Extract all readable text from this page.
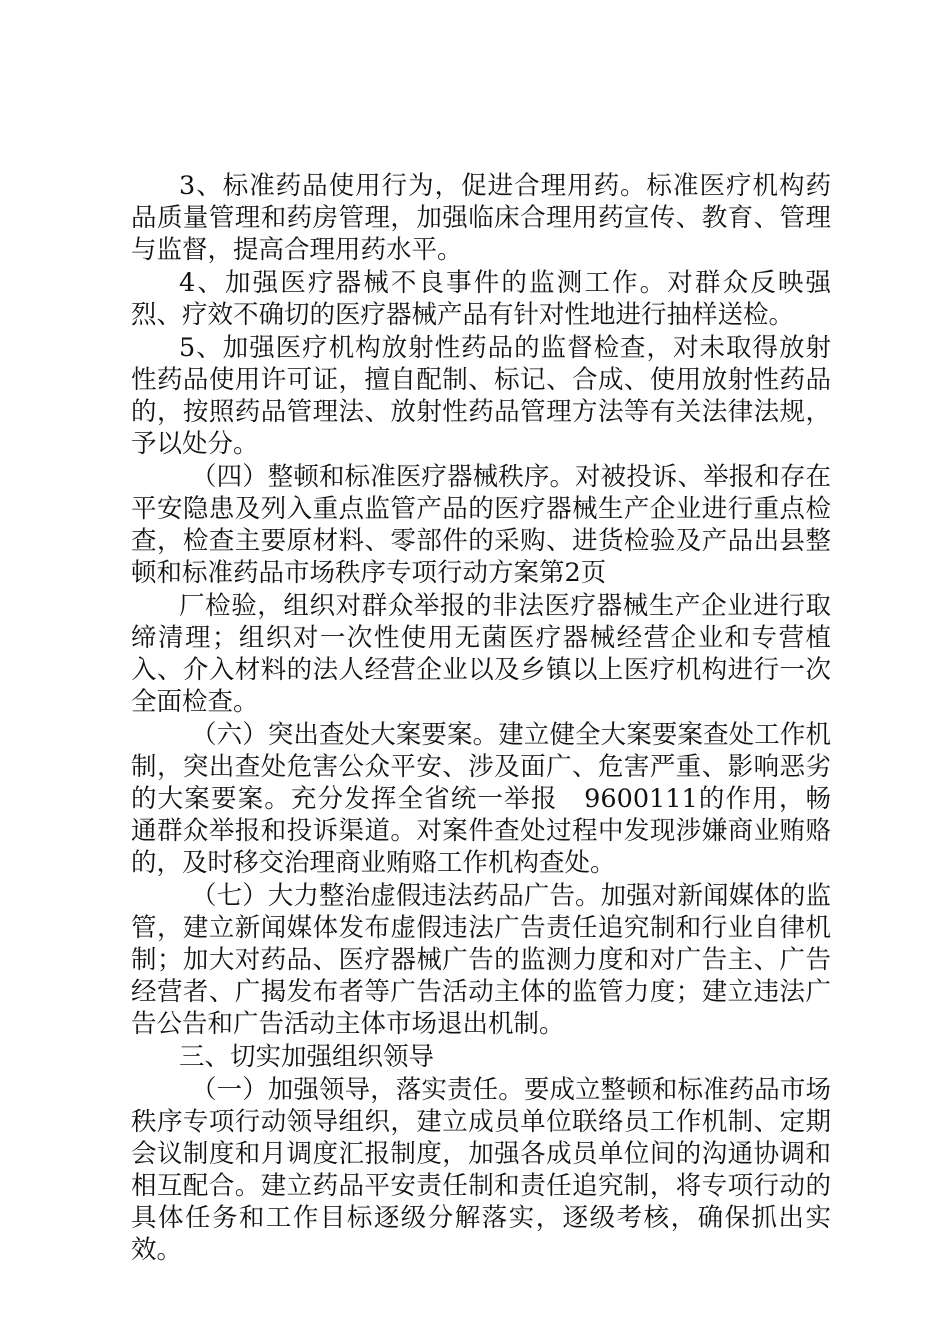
3、标准药品使用行为，促进合理用药。标准医疗机构药品质量管理和药房管理，加强临床合理用药宣传、教育、管理与监督，提高合理用药水平。

4、加强医疗器械不良事件的监测工作。对群众反映强烈、疗效不确切的医疗器械产品有针对性地进行抽样送检。

5、加强医疗机构放射性药品的监督检查，对未取得放射性药品使用许可证，擅自配制、标记、合成、使用放射性药品的，按照药品管理法、放射性药品管理方法等有关法律法规，予以处分。

（四）整顿和标准医疗器械秩序。对被投诉、举报和存在平安隐患及列入重点监管产品的医疗器械生产企业进行重点检查，检查主要原材料、零部件的采购、进货检验及产品出县整顿和标准药品市场秩序专项行动方案第2页

厂检验，组织对群众举报的非法医疗器械生产企业进行取缔清理；组织对一次性使用无菌医疗器械经营企业和专营植入、介入材料的法人经营企业以及乡镇以上医疗机构进行一次全面检查。

（六）突出查处大案要案。建立健全大案要案查处工作机制，突出查处危害公众平安、涉及面广、危害严重、影响恶劣的大案要案。充分发挥全省统一举报　9600111的作用，畅通群众举报和投诉渠道。对案件查处过程中发现涉嫌商业贿赂的，及时移交治理商业贿赂工作机构查处。

（七）大力整治虚假违法药品广告。加强对新闻媒体的监管，建立新闻媒体发布虚假违法广告责任追究制和行业自律机制；加大对药品、医疗器械广告的监测力度和对广告主、广告经营者、广揭发布者等广告活动主体的监管力度；建立违法广告公告和广告活动主体市场退出机制。

三、切实加强组织领导

（一）加强领导，落实责任。要成立整顿和标准药品市场秩序专项行动领导组织，建立成员单位联络员工作机制、定期会议制度和月调度汇报制度，加强各成员单位间的沟通协调和相互配合。建立药品平安责任制和责任追究制，将专项行动的具体任务和工作目标逐级分解落实，逐级考核，确保抓出实效。
